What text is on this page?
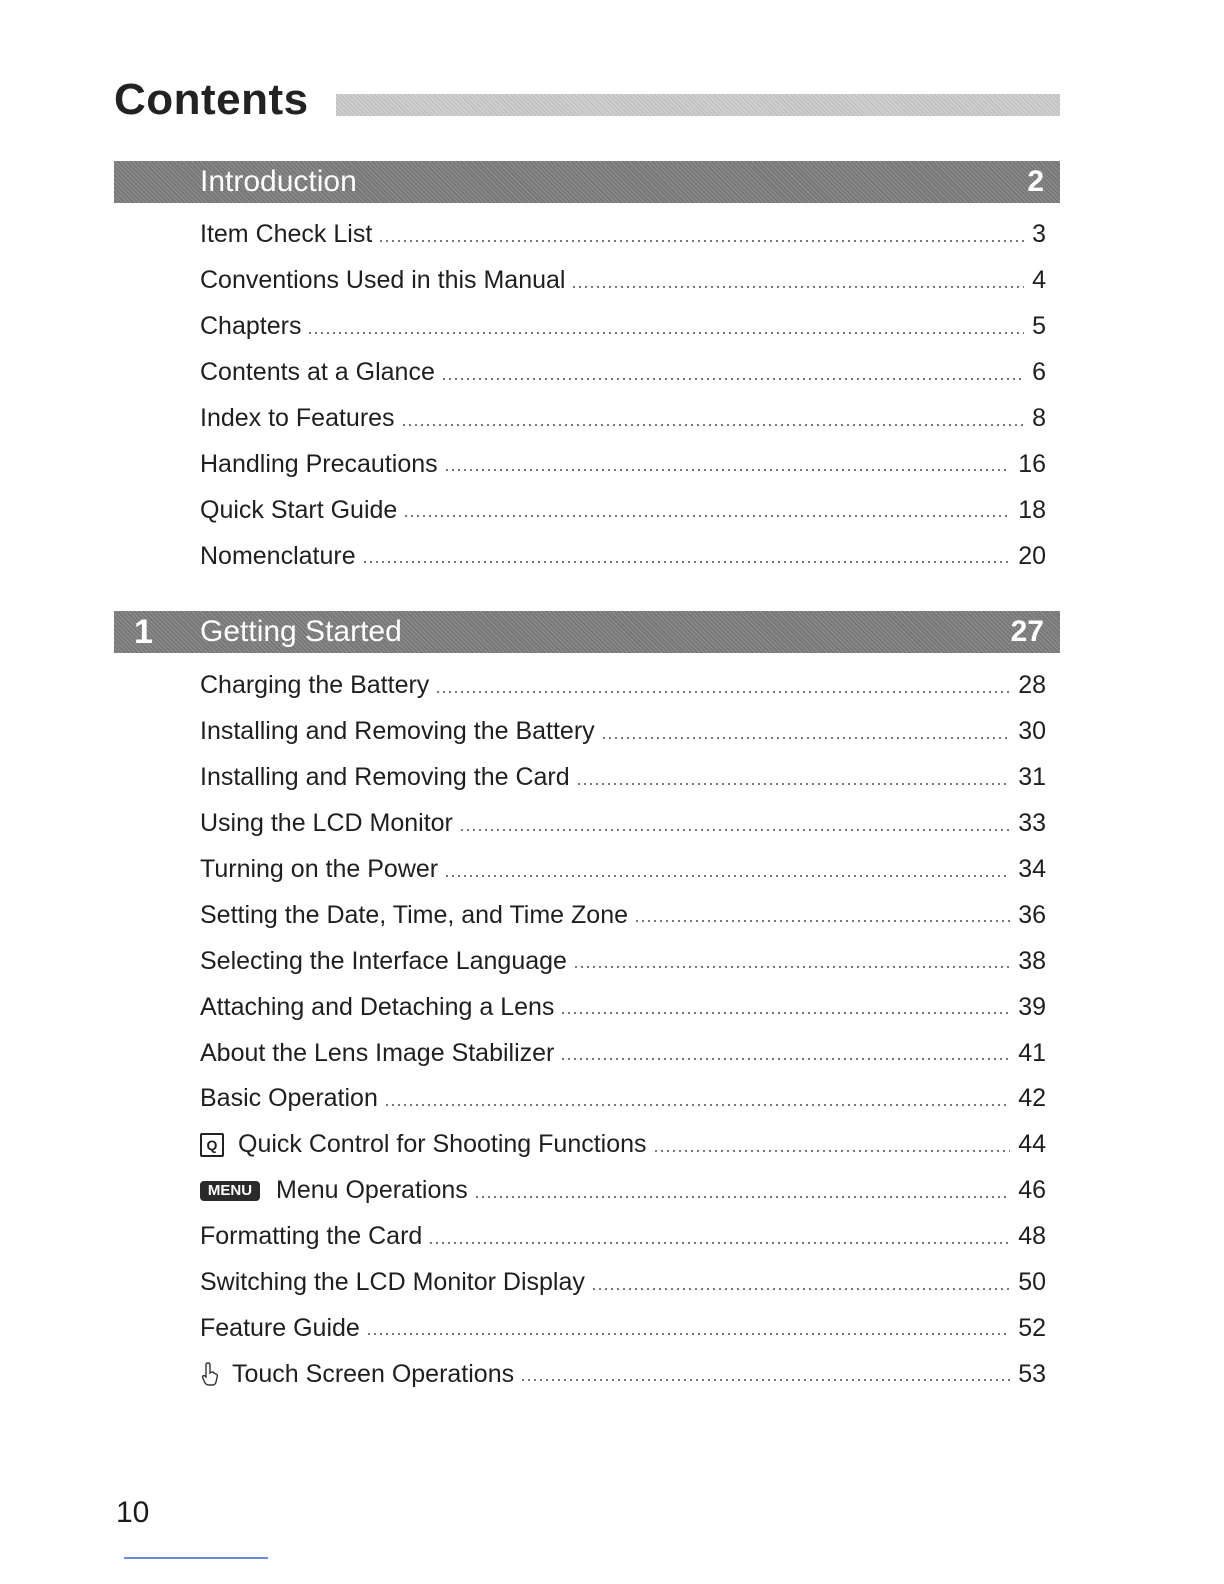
Contents
Introduction	2
Item Check List	3
Conventions Used in this Manual	4
Chapters	5
Contents at a Glance	6
Index to Features	8
Handling Precautions	16
Quick Start Guide	18
Nomenclature	20
1 Getting Started	27
Charging the Battery	28
Installing and Removing the Battery	30
Installing and Removing the Card	31
Using the LCD Monitor	33
Turning on the Power	34
Setting the Date, Time, and Time Zone	36
Selecting the Interface Language	38
Attaching and Detaching a Lens	39
About the Lens Image Stabilizer	41
Basic Operation	42
Q Quick Control for Shooting Functions	44
MENU Menu Operations	46
Formatting the Card	48
Switching the LCD Monitor Display	50
Feature Guide	52
Touch Screen Operations	53
10
